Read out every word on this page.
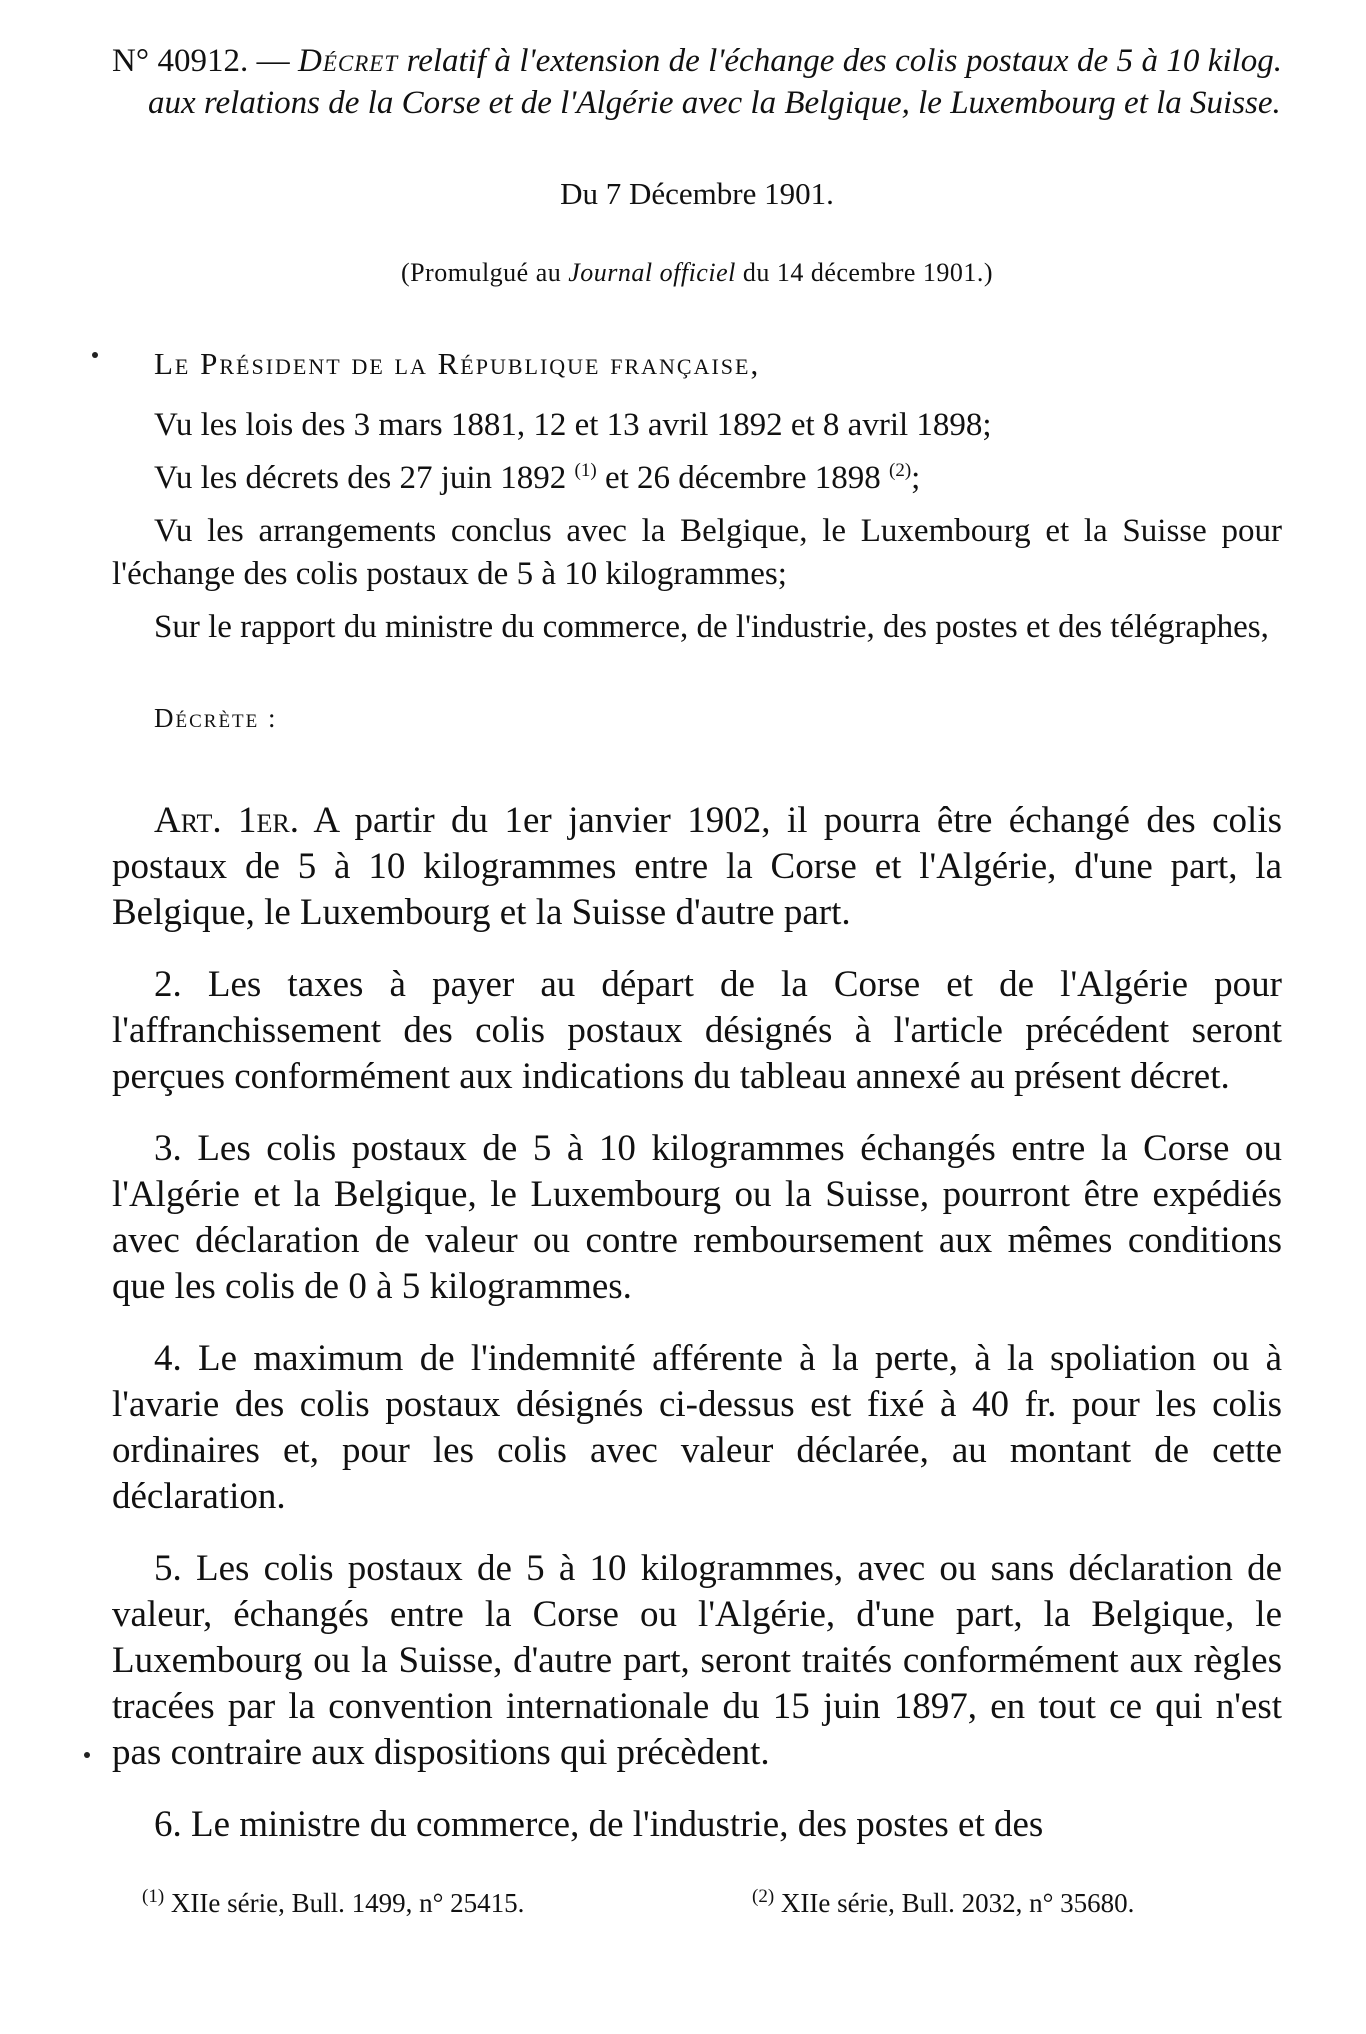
N° 40912. — Décret relatif à l'extension de l'échange des colis postaux de 5 à 10 kilog. aux relations de la Corse et de l'Algérie avec la Belgique, le Luxembourg et la Suisse.
Du 7 Décembre 1901.
(Promulgué au Journal officiel du 14 décembre 1901.)
Le Président de la République française,

Vu les lois des 3 mars 1881, 12 et 13 avril 1892 et 8 avril 1898;

Vu les décrets des 27 juin 1892 $^{(1)}$ et 26 décembre 1898 $^{(2)}$;

Vu les arrangements conclus avec la Belgique, le Luxembourg et la Suisse pour l'échange des colis postaux de 5 à 10 kilogrammes;

Sur le rapport du ministre du commerce, de l'industrie, des postes et des télégraphes,

Décrète :

Art. 1er. A partir du 1er janvier 1902, il pourra être échangé des colis postaux de 5 à 10 kilogrammes entre la Corse et l'Algérie, d'une part, la Belgique, le Luxembourg et la Suisse d'autre part.

2. Les taxes à payer au départ de la Corse et de l'Algérie pour l'affranchissement des colis postaux désignés à l'article précédent seront perçues conformément aux indications du tableau annexé au présent décret.

3. Les colis postaux de 5 à 10 kilogrammes échangés entre la Corse ou l'Algérie et la Belgique, le Luxembourg ou la Suisse, pourront être expédiés avec déclaration de valeur ou contre remboursement aux mêmes conditions que les colis de 0 à 5 kilogrammes.

4. Le maximum de l'indemnité afférente à la perte, à la spoliation ou à l'avarie des colis postaux désignés ci-dessus est fixé à 40 fr. pour les colis ordinaires et, pour les colis avec valeur déclarée, au montant de cette déclaration.

5. Les colis postaux de 5 à 10 kilogrammes, avec ou sans déclaration de valeur, échangés entre la Corse ou l'Algérie, d'une part, la Belgique, le Luxembourg ou la Suisse, d'autre part, seront traités conformément aux règles tracées par la convention internationale du 15 juin 1897, en tout ce qui n'est pas contraire aux dispositions qui précèdent.

6. Le ministre du commerce, de l'industrie, des postes et des

$^{(1)}$ XIIe série, Bull. 1499, n° 25415.	$^{(2)}$ XIIe série, Bull. 2032, n° 35680.
